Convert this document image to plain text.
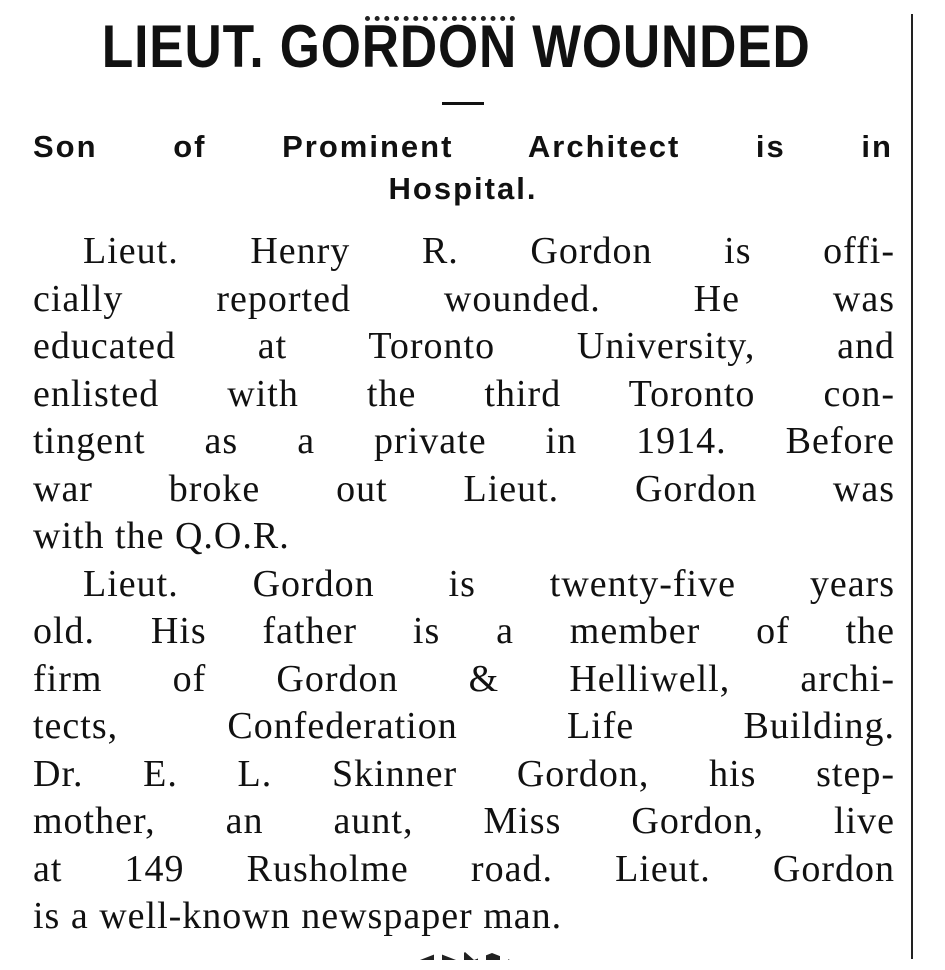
LIEUT. GORDON WOUNDED
Son of Prominent Architect is in
Hospital.
Lieut. Henry R. Gordon is offi-
cially reported wounded. He was
educated at Toronto University, and
enlisted with the third Toronto con-
tingent as a private in 1914. Before
war broke out Lieut. Gordon was
with the Q.O.R.
Lieut. Gordon is twenty-five years
old. His father is a member of the
firm of Gordon & Helliwell, archi-
tects, Confederation Life Building.
Dr. E. L. Skinner Gordon, his step-
mother, an aunt, Miss Gordon, live
at 149 Rusholme road. Lieut. Gordon
is a well-known newspaper man.
